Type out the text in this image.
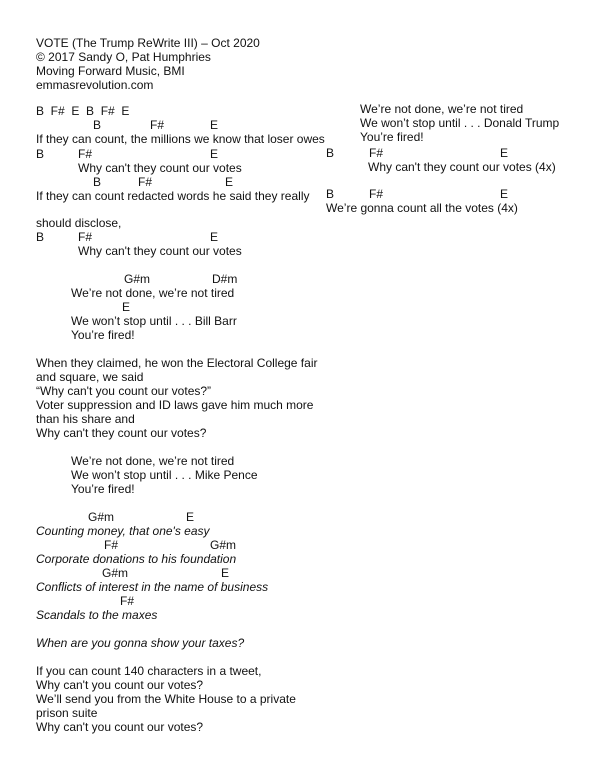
VOTE (The Trump ReWrite III) – Oct 2020
© 2017 Sandy O, Pat Humphries
Moving Forward Music, BMI
emmasrevolution.com
B  F#  E  B  F#  E
B	F#	E
If they can count, the millions we know that loser owes
B	F#	E
Why can't they count our votes
B	F#	E
If they can count redacted words he said they really
should disclose,
B	F#	E
Why can't they count our votes
G#m	D#m
We’re not done, we’re not tired
E
We won’t stop until . . . Bill Barr
You’re fired!
When they claimed, he won the Electoral College fair
and square, we said
“Why can't you count our votes?”
Voter suppression and ID laws gave him much more
than his share and
Why can't they count our votes?
We’re not done, we’re not tired
We won’t stop until . . . Mike Pence
You’re fired!
G#m	E
Counting money, that one's easy
F#	G#m
Corporate donations to his foundation
G#m	E
Conflicts of interest in the name of business
F#
Scandals to the maxes
When are you gonna show your taxes?
If you can count 140 characters in a tweet,
Why can't you count our votes?
We’ll send you from the White House to a private
prison suite
Why can't you count our votes?
We’re not done, we’re not tired
We won’t stop until . . . Donald Trump
You’re fired!
B	F#	E
Why can't they count our votes (4x)
B	F#	E
We’re gonna count all the votes (4x)
